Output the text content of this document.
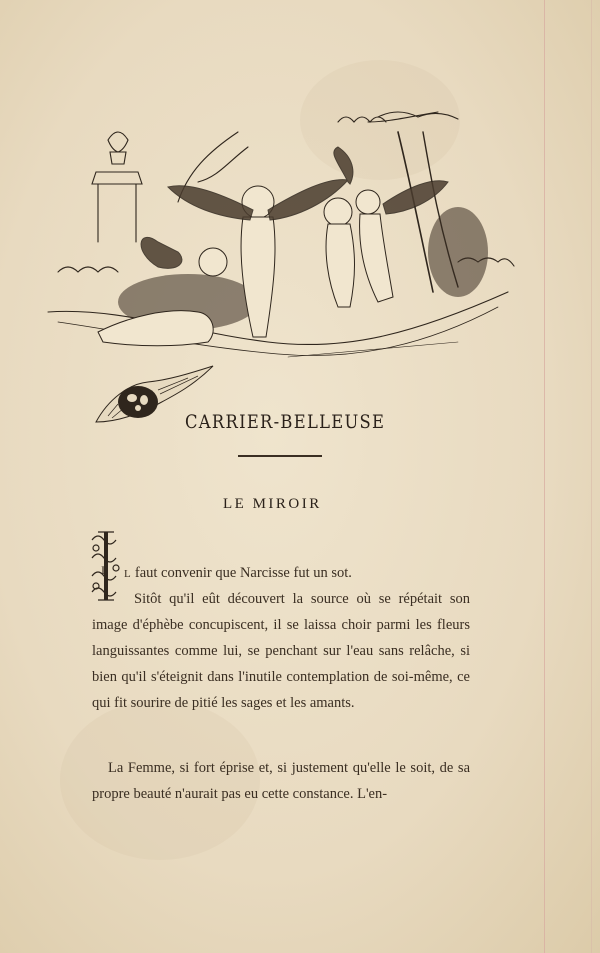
CARRIER-BELLEUSE
LE MIROIR
I L faut convenir que Narcisse fut un sot.
Sitôt qu'il eût découvert la source où se répétait son image d'éphèbe concupiscent, il se laissa choir parmi les fleurs languissantes comme lui, se penchant sur l'eau sans relâche, si bien qu'il s'éteignit dans l'inutile contemplation de soi-même, ce qui fit sourire de pitié les sages et les amants.
La Femme, si fort éprise et, si justement qu'elle le soit, de sa propre beauté n'aurait pas eu cette constance. L'en-
